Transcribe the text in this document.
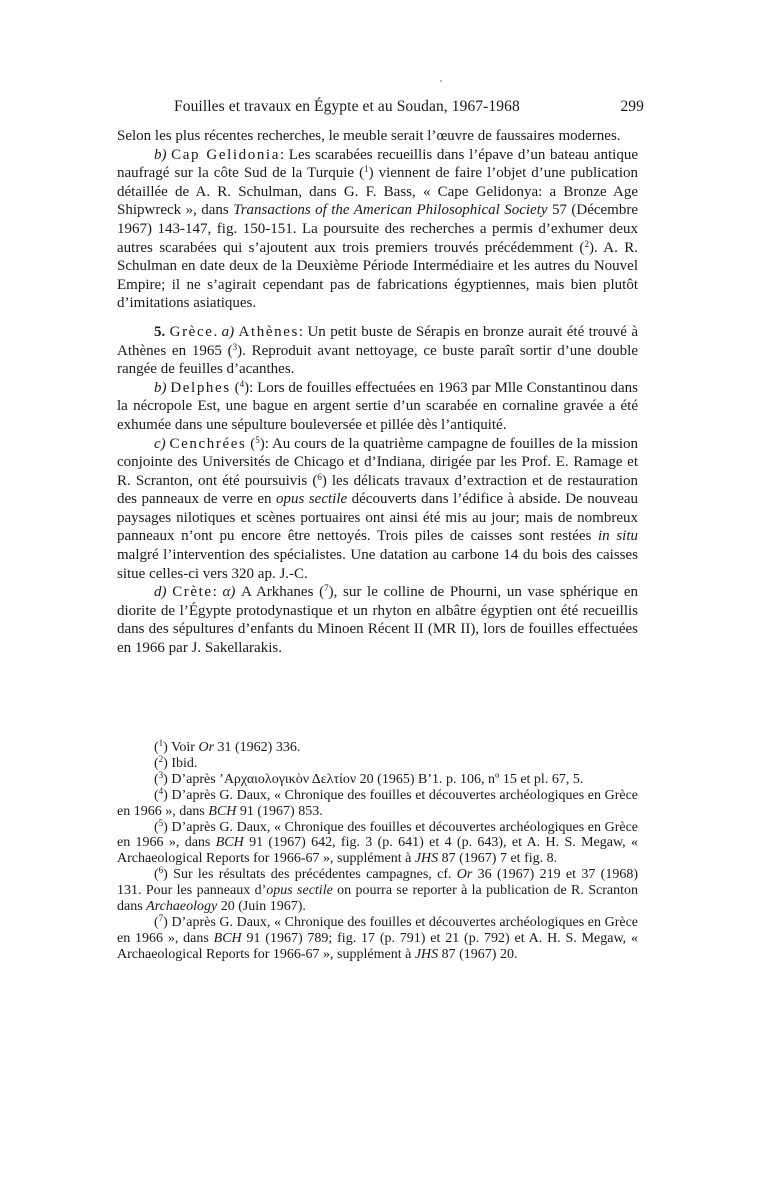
Fouilles et travaux en Égypte et au Soudan, 1967-1968	299

Selon les plus récentes recherches, le meuble serait l’œuvre de faussaires modernes.

b) Cap Gelidonia: Les scarabées recueillis dans l’épave d’un bateau antique naufragé sur la côte Sud de la Turquie ($^1$) viennent de faire l’objet d’une publication détaillée de A. R. Schulman, dans G. F. Bass, « Cape Gelidonya: a Bronze Age Shipwreck », dans Transactions of the American Philosophical Society 57 (Décembre 1967) 143-147, fig. 150-151. La poursuite des recherches a permis d’exhumer deux autres scarabées qui s’ajoutent aux trois premiers trouvés précédemment ($^2$). A. R. Schulman en date deux de la Deuxième Période Intermédiaire et les autres du Nouvel Empire; il ne s’agirait cependant pas de fabrications égyptiennes, mais bien plutôt d’imitations asiatiques.

5. Grèce. a) Athènes: Un petit buste de Sérapis en bronze aurait été trouvé à Athènes en 1965 ($^3$). Reproduit avant nettoyage, ce buste paraît sortir d’une double rangée de feuilles d’acanthes.

b) Delphes ($^4$): Lors de fouilles effectuées en 1963 par Mlle Constantinou dans la nécropole Est, une bague en argent sertie d’un scarabée en cornaline gravée a été exhumée dans une sépulture bouleversée et pillée dès l’antiquité.

c) Cenchrées ($^5$): Au cours de la quatrième campagne de fouilles de la mission conjointe des Universités de Chicago et d’Indiana, dirigée par les Prof. E. Ramage et R. Scranton, ont été poursuivis ($^6$) les délicats travaux d’extraction et de restauration des panneaux de verre en opus sectile découverts dans l’édifice à abside. De nouveau paysages nilotiques et scènes portuaires ont ainsi été mis au jour; mais de nombreux panneaux n’ont pu encore être nettoyés. Trois piles de caisses sont restées in situ malgré l’intervention des spécialistes. Une datation au carbone 14 du bois des caisses situe celles-ci vers 320 ap. J.-C.

d) Crète: α) A Arkhanes ($^7$), sur le colline de Phourni, un vase sphérique en diorite de l’Égypte protodynastique et un rhyton en albâtre égyptien ont été recueillis dans des sépultures d’enfants du Minoen Récent II (MR II), lors de fouilles effectuées en 1966 par J. Sakellarakis.

($^1$) Voir Or 31 (1962) 336.

($^2$) Ibid.

($^3$) D’après ’Αρχαιολογικὸν Δελτίον 20 (1965) B’1. p. 106, nº 15 et pl. 67, 5.

($^4$) D’après G. Daux, « Chronique des fouilles et découvertes archéologiques en Grèce en 1966 », dans BCH 91 (1967) 853.

($^5$) D’après G. Daux, « Chronique des fouilles et découvertes archéologiques en Grèce en 1966 », dans BCH 91 (1967) 642, fig. 3 (p. 641) et 4 (p. 643), et A. H. S. Megaw, « Archaeological Reports for 1966-67 », supplément à JHS 87 (1967) 7 et fig. 8.

($^6$) Sur les résultats des précédentes campagnes, cf. Or 36 (1967) 219 et 37 (1968) 131. Pour les panneaux d’opus sectile on pourra se reporter à la publication de R. Scranton dans Archaeology 20 (Juin 1967).

($^7$) D’après G. Daux, « Chronique des fouilles et découvertes archéologiques en Grèce en 1966 », dans BCH 91 (1967) 789; fig. 17 (p. 791) et 21 (p. 792) et A. H. S. Megaw, « Archaeological Reports for 1966-67 », supplément à JHS 87 (1967) 20.
